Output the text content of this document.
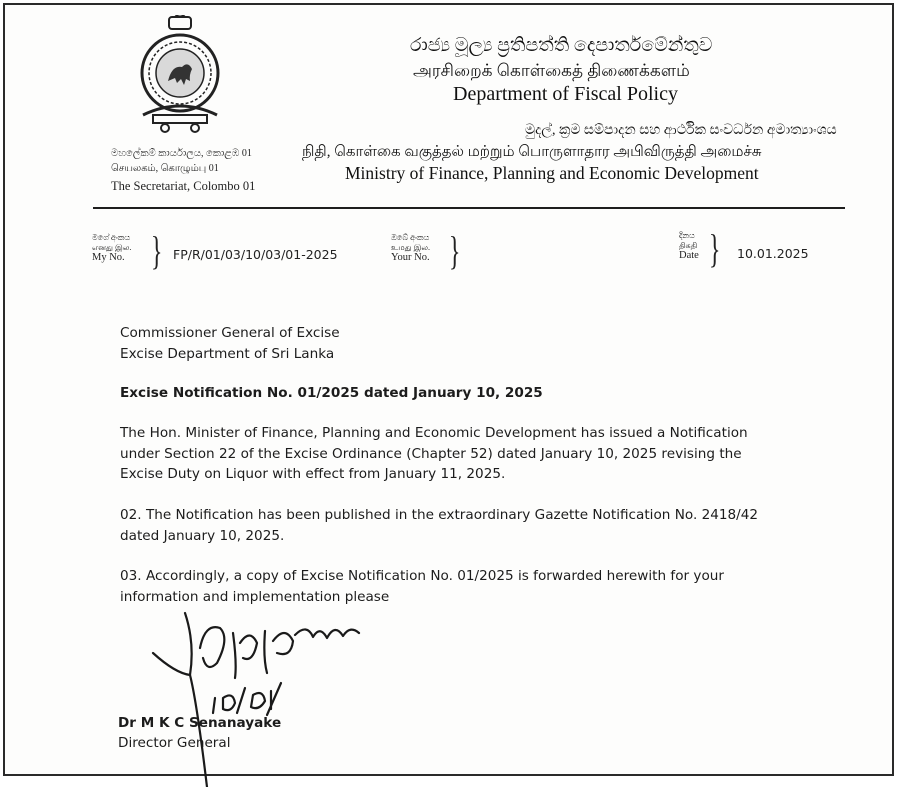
රාජ්‍ය මූල්‍ය ප්‍රතිපත්ති දෙපාර්තමේන්තුව
அரசிறைக் கொள்கைத் திணைக்களம்
Department of Fiscal Policy
මුදල්, ක්‍රම සම්පාදන සහ ආර්ථික සංවර්ධන අමාත්‍යාංශය
நிதி, கொள்கை வகுத்தல் மற்றும் பொருளாதார அபிவிருத்தி அமைச்சு
Ministry of Finance, Planning and Economic Development
මහලේකම් කාර්යාලය, කොළඹ 01
செயலகம், கொழும்பு 01
The Secretariat, Colombo 01
මගේ අංකය
எனது இல.
My No. } FP/R/01/03/10/03/01-2025
ඔබේ අංකය
உமது இல.
Your No. }	දිනය
திகதி
Date } 10.01.2025
Commissioner General of Excise
Excise Department of Sri Lanka
Excise Notification No. 01/2025 dated January 10, 2025
The Hon. Minister of Finance, Planning and Economic Development has issued a Notification
under Section 22 of the Excise Ordinance (Chapter 52) dated January 10, 2025 revising the
Excise Duty on Liquor with effect from January 11, 2025.
02. The Notification has been published in the extraordinary Gazette Notification No. 2418/42
dated January 10, 2025.
03. Accordingly, a copy of Excise Notification No. 01/2025 is forwarded herewith for your
information and implementation please
Dr M K C Senanayake
Director General
